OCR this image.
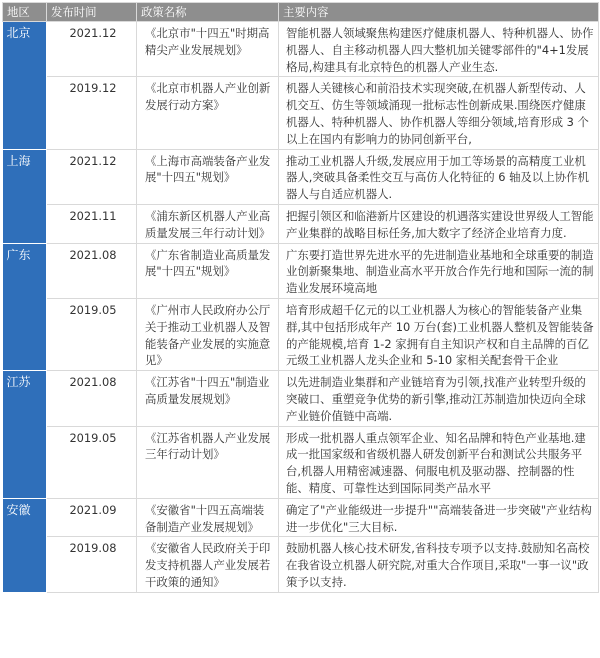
地区	发布时间	政策名称	主要内容
北京	2021.12	《北京市"十四五"时期高精尖产业发展规划》	智能机器人领域聚焦构建医疗健康机器人、特种机器人、协作机器人、自主移动机器人四大整机加关键零部件的"4+1发展格局,构建具有北京特色的机器人产业生态.
	2019.12	《北京市机器人产业创新发展行动方案》	机器人关键核心和前沿技术实现突破,在机器人新型传动、人机交互、仿生等领域涌现一批标志性创新成果.围绕医疗健康机器人、特种机器人、协作机器人等细分领域,培育形成 3 个以上在国内有影响力的协同创新平台,
上海	2021.12	《上海市高端装备产业发展"十四五"规划》	推动工业机器人升级,发展应用于加工等场景的高精度工业机器人,突破具备柔性交互与高仿人化特征的 6 轴及以上协作机器人与自适应机器人.
	2021.11	《浦东新区机器人产业高质量发展三年行动计划》	把握引领区和临港新片区建设的机遇落实建设世界级人工智能产业集群的战略目标任务,加大数字了经济企业培育力度.
广东	2021.08	《广东省制造业高质量发展"十四五"规划》	广东要打造世界先进水平的先进制造业基地和全球重要的制造业创新聚集地、制造业高水平开放合作先行地和国际一流的制造业发展环境高地
	2019.05	《广州市人民政府办公厅关于推动工业机器人及智能装备产业发展的实施意见》	培育形成超千亿元的以工业机器人为核心的智能装备产业集群,其中包括形成年产 10 万台(套)工业机器人整机及智能装备的产能规模,培育 1-2 家拥有自主知识产权和自主品牌的百亿元级工业机器人龙头企业和 5-10 家相关配套骨干企业
江苏	2021.08	《江苏省"十四五"制造业高质量发展规划》	以先进制造业集群和产业链培育为引领,找准产业转型升级的突破口、重塑竞争优势的新引擎,推动江苏制造加快迈向全球产业链价值链中高端.
	2019.05	《江苏省机器人产业发展三年行动计划》	形成一批机器人重点领军企业、知名品牌和特色产业基地.建成一批国家级和省级机器人研发创新平台和测试公共服务平台,机器人用精密减速器、伺服电机及驱动器、控制器的性能、精度、可靠性达到国际同类产品水平
安徽	2021.09	《安徽省"十四五高端装备制造产业发展规划》	确定了"产业能级进一步提升""高端装备进一步突破"产业结构进一步优化"三大目标.
	2019.08	《安徽省人民政府关于印发支持机器人产业发展若干政策的通知》	鼓励机器人核心技术研发,省科技专项予以支持.鼓励知名高校在我省设立机器人研究院,对重大合作项目,采取"一事一议"政策予以支持.
